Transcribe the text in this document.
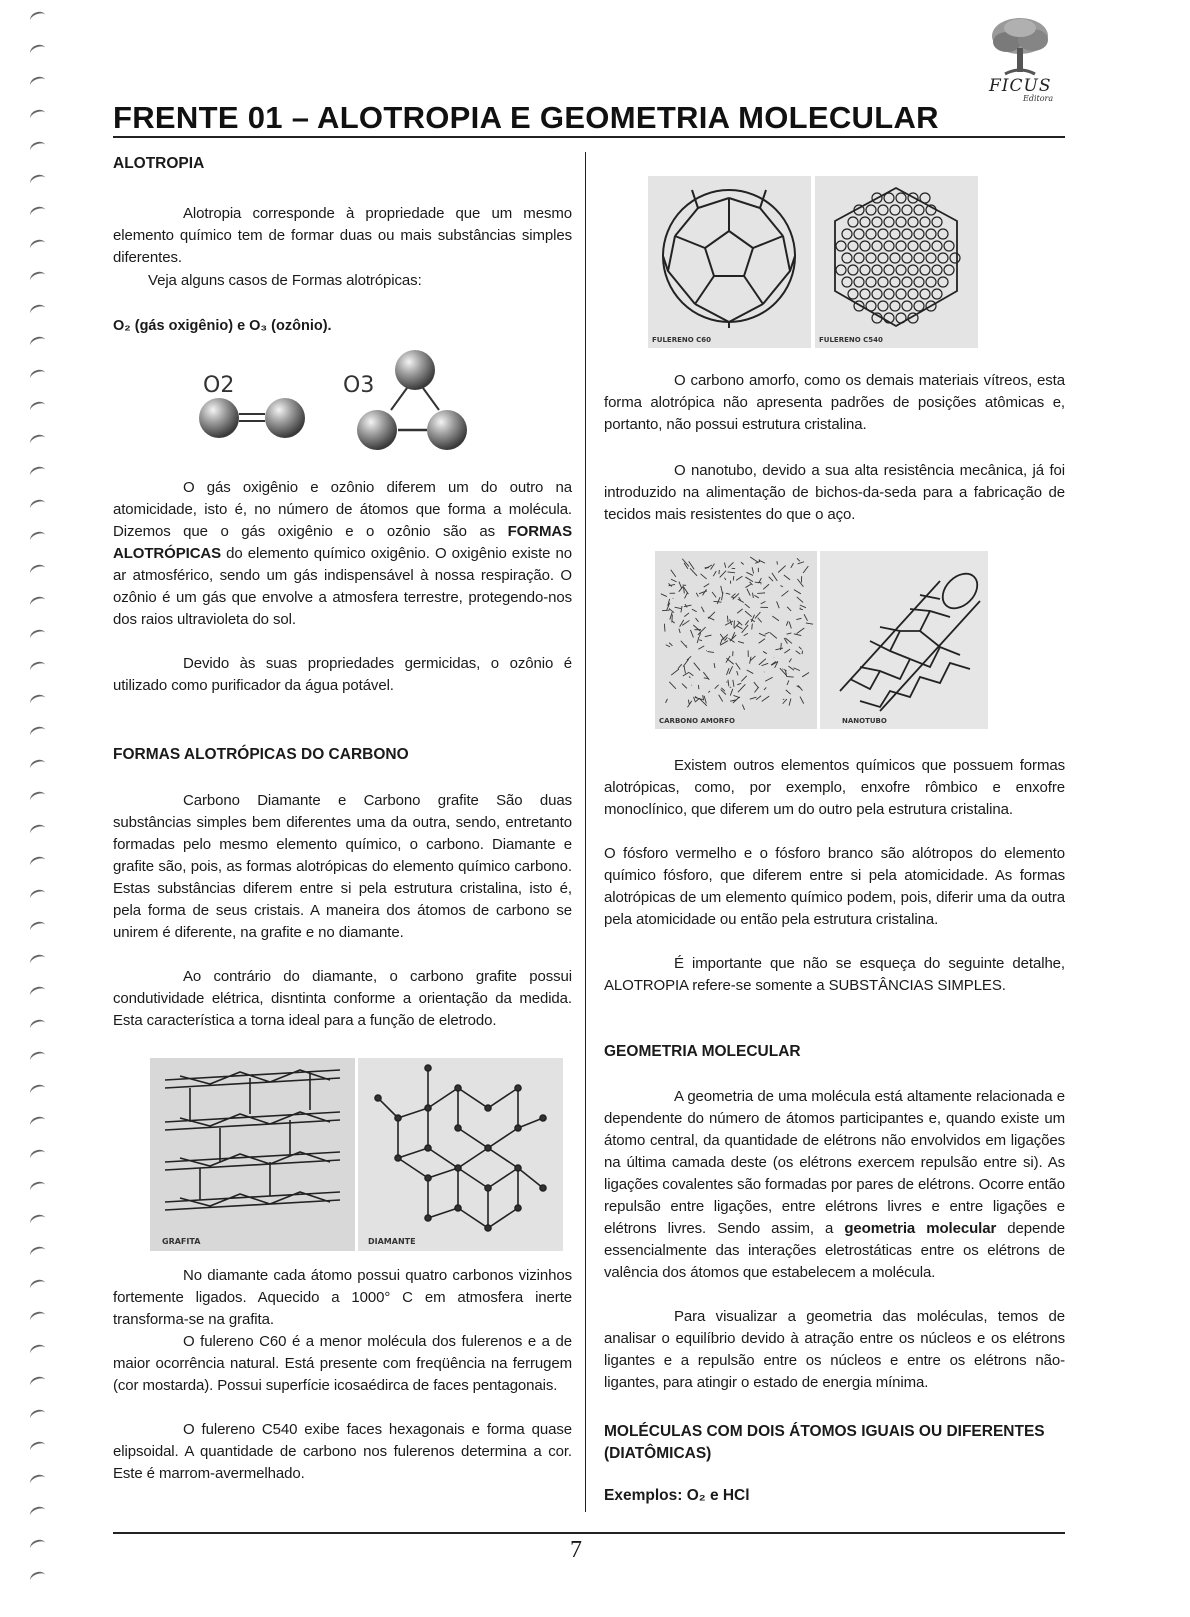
FICUS
Editora
FRENTE 01 – ALOTROPIA E GEOMETRIA MOLECULAR
ALOTROPIA
Alotropia corresponde à propriedade que um mesmo elemento químico tem de formar duas ou mais substâncias simples diferentes.
Veja alguns casos de Formas alotrópicas:
O₂ (gás oxigênio) e O₃ (ozônio).
O2	O3
O gás oxigênio e ozônio diferem um do outro na atomicidade, isto é, no número de átomos que forma a molécula. Dizemos que o gás oxigênio e o ozônio são as FORMAS ALOTRÓPICAS do elemento químico oxigênio. O oxigênio existe no ar atmosférico, sendo um gás indispensável à nossa respiração. O ozônio é um gás que envolve a atmosfera terrestre, protegendo-nos dos raios ultravioleta do sol.
Devido às suas propriedades germicidas, o ozônio é utilizado como purificador da água potável.
FORMAS ALOTRÓPICAS DO CARBONO
Carbono Diamante e Carbono grafite São duas substâncias simples bem diferentes uma da outra, sendo, entretanto formadas pelo mesmo elemento químico, o carbono. Diamante e grafite são, pois, as formas alotrópicas do elemento químico carbono. Estas substâncias diferem entre si pela estrutura cristalina, isto é, pela forma de seus cristais. A maneira dos átomos de carbono se unirem é diferente, na grafite e no diamante.
Ao contrário do diamante, o carbono grafite possui condutividade elétrica, disntinta conforme a orientação da medida. Esta característica a torna ideal para a função de eletrodo.
GRAFITA	DIAMANTE
No diamante cada átomo possui quatro carbonos vizinhos fortemente ligados. Aquecido a 1000° C em atmosfera inerte transforma-se na grafita.
O fulereno C60 é a menor molécula dos fulerenos e a de maior ocorrência natural. Está presente com freqüência na ferrugem (cor mostarda). Possui superfície icosaédirca de faces pentagonais.
O fulereno C540 exibe faces hexagonais e forma quase elipsoidal. A quantidade de carbono nos fulerenos determina a cor. Este é marrom-avermelhado.
FULERENO C60	FULERENO C540
O carbono amorfo, como os demais materiais vítreos, esta forma alotrópica não apresenta padrões de posições atômicas e, portanto, não possui estrutura cristalina.
O nanotubo, devido a sua alta resistência mecânica, já foi introduzido na alimentação de bichos-da-seda para a fabricação de tecidos mais resistentes do que o aço.
CARBONO AMORFO	NANOTUBO
Existem outros elementos químicos que possuem formas alotrópicas, como, por exemplo, enxofre rômbico e enxofre monoclínico, que diferem um do outro pela estrutura cristalina.
O fósforo vermelho e o fósforo branco são alótropos do elemento químico fósforo, que diferem entre si pela atomicidade. As formas alotrópicas de um elemento químico podem, pois, diferir uma da outra pela atomicidade ou então pela estrutura cristalina.
É importante que não se esqueça do seguinte detalhe, ALOTROPIA refere-se somente a SUBSTÂNCIAS SIMPLES.
GEOMETRIA MOLECULAR
A geometria de uma molécula está altamente relacionada e dependente do número de átomos participantes e, quando existe um átomo central, da quantidade de elétrons não envolvidos em ligações na última camada deste (os elétrons exercem repulsão entre si). As ligações covalentes são formadas por pares de elétrons. Ocorre então repulsão entre ligações, entre elétrons livres e entre ligações e elétrons livres. Sendo assim, a geometria molecular depende essencialmente das interações eletrostáticas entre os elétrons de valência dos átomos que estabelecem a molécula.
Para visualizar a geometria das moléculas, temos de analisar o equilíbrio devido à atração entre os núcleos e os elétrons ligantes e a repulsão entre os núcleos e entre os elétrons não-ligantes, para atingir o estado de energia mínima.
MOLÉCULAS COM DOIS ÁTOMOS IGUAIS OU DIFERENTES (DIATÔMICAS)
Exemplos: O₂ e HCl
7
